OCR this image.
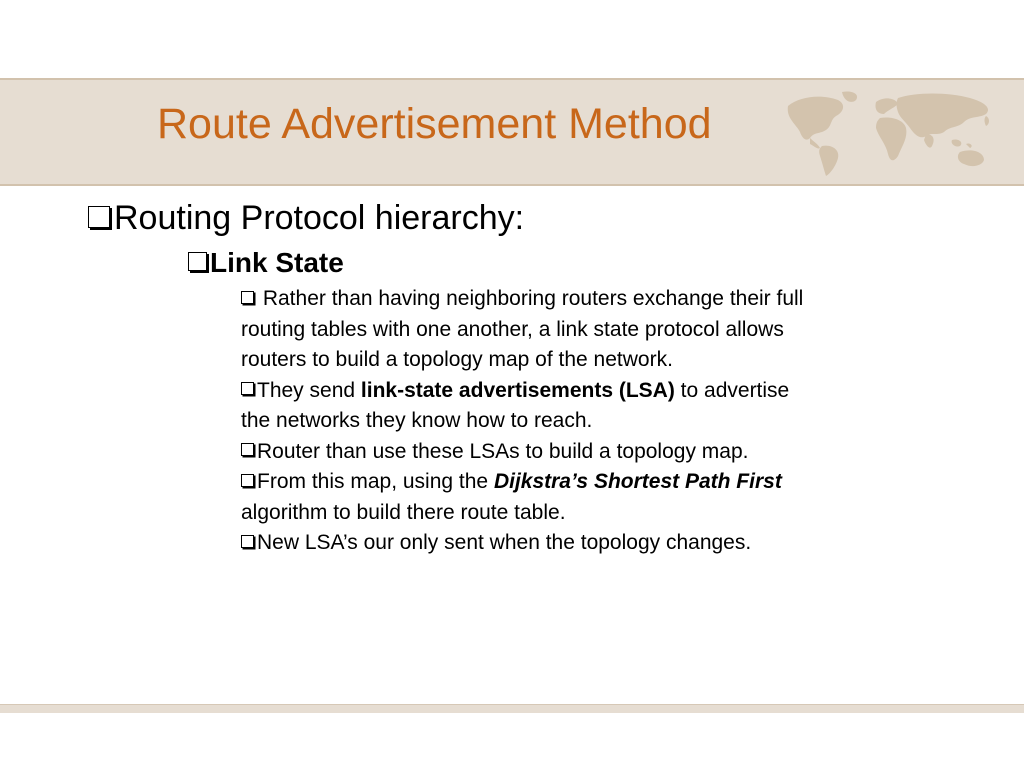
Route Advertisement Method
Routing Protocol hierarchy:
Link State

Rather than having neighboring routers exchange their full routing tables with one another, a link state protocol allows routers to build a topology map of the network.

They send link-state advertisements (LSA) to advertise the networks they know how to reach.

Router than use these LSAs to build a topology map.

From this map, using the Dijkstra’s Shortest Path First algorithm to build there route table.

New LSA’s our only sent when the topology changes.
